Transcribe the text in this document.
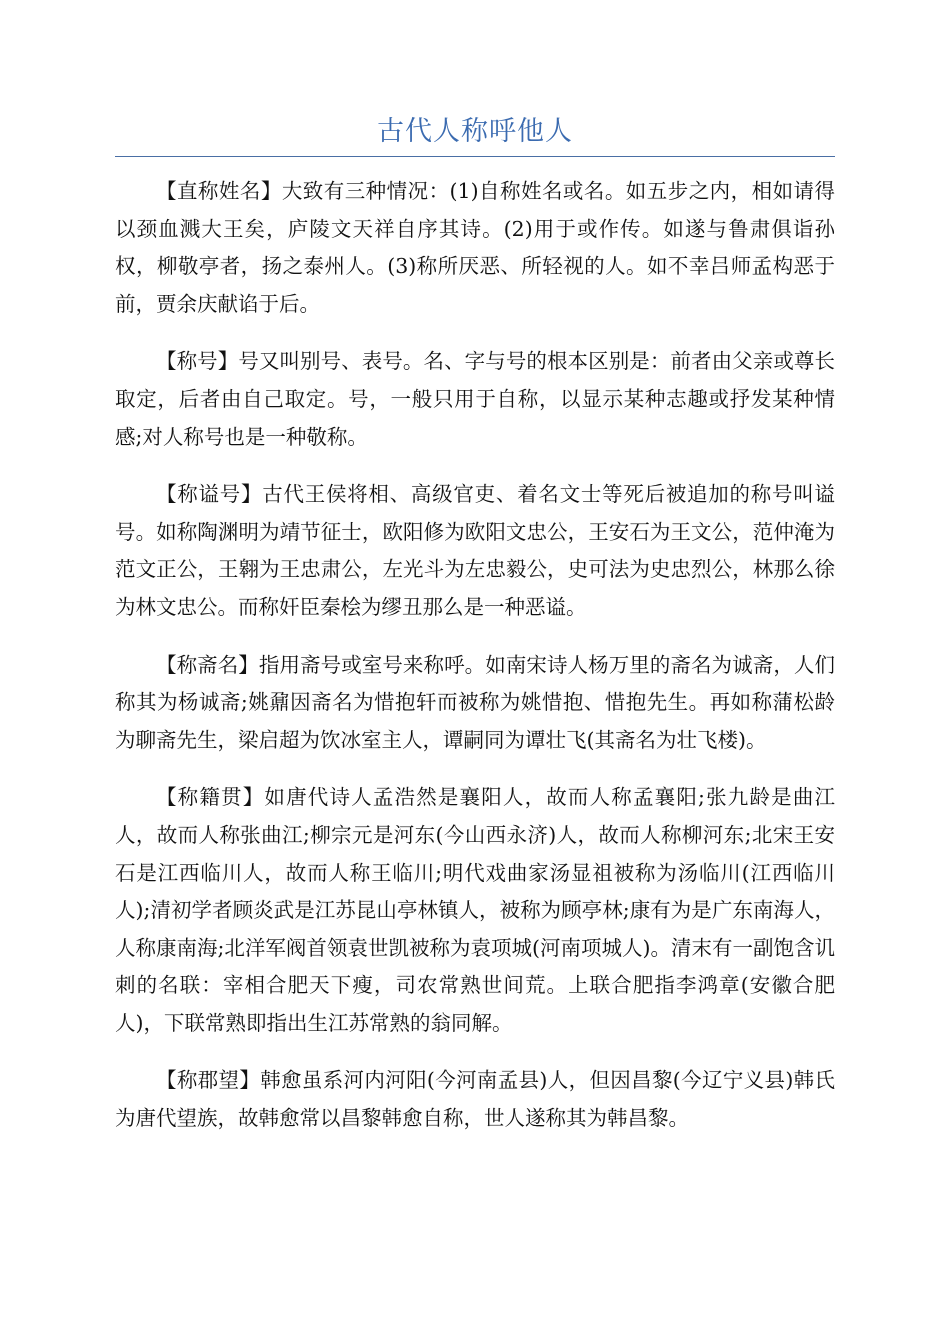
古代人称呼他人

【直称姓名】大致有三种情况：(1)自称姓名或名。如五步之内，相如请得以颈血溅大王矣，庐陵文天祥自序其诗。(2)用于或作传。如遂与鲁肃俱诣孙权，柳敬亭者，扬之泰州人。(3)称所厌恶、所轻视的人。如不幸吕师孟构恶于前，贾余庆献谄于后。

【称号】号又叫别号、表号。名、字与号的根本区别是：前者由父亲或尊长取定，后者由自己取定。号，一般只用于自称，以显示某种志趣或抒发某种情感;对人称号也是一种敬称。

【称谥号】古代王侯将相、高级官吏、着名文士等死后被追加的称号叫谥号。如称陶渊明为靖节征士，欧阳修为欧阳文忠公，王安石为王文公，范仲淹为范文正公，王翱为王忠肃公，左光斗为左忠毅公，史可法为史忠烈公，林那么徐为林文忠公。而称奸臣秦桧为缪丑那么是一种恶谥。

【称斋名】指用斋号或室号来称呼。如南宋诗人杨万里的斋名为诚斋，人们称其为杨诚斋;姚鼐因斋名为惜抱轩而被称为姚惜抱、惜抱先生。再如称蒲松龄为聊斋先生，梁启超为饮冰室主人，谭嗣同为谭壮飞(其斋名为壮飞楼)。

【称籍贯】如唐代诗人孟浩然是襄阳人，故而人称孟襄阳;张九龄是曲江人，故而人称张曲江;柳宗元是河东(今山西永济)人，故而人称柳河东;北宋王安石是江西临川人，故而人称王临川;明代戏曲家汤显祖被称为汤临川(江西临川人);清初学者顾炎武是江苏昆山亭林镇人，被称为顾亭林;康有为是广东南海人，人称康南海;北洋军阀首领袁世凯被称为袁项城(河南项城人)。清末有一副饱含讥刺的名联：宰相合肥天下瘦，司农常熟世间荒。上联合肥指李鸿章(安徽合肥人)，下联常熟即指出生江苏常熟的翁同解。

【称郡望】韩愈虽系河内河阳(今河南孟县)人，但因昌黎(今辽宁义县)韩氏为唐代望族，故韩愈常以昌黎韩愈自称，世人遂称其为韩昌黎。
